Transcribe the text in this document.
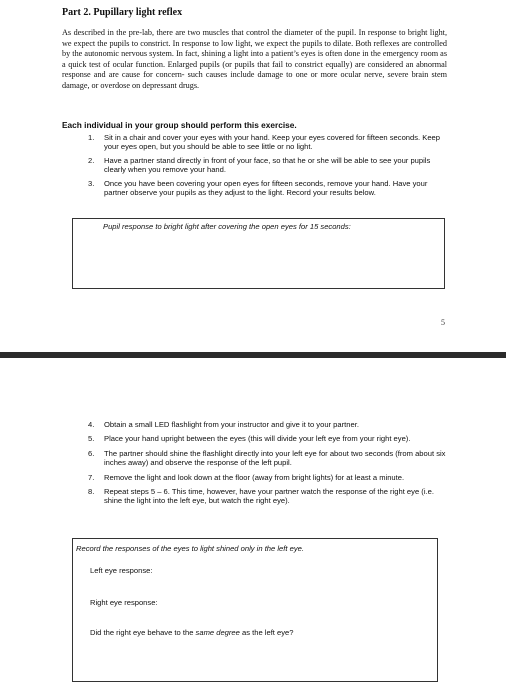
Part 2. Pupillary light reflex
As described in the pre-lab, there are two muscles that control the diameter of the pupil. In response to bright light, we expect the pupils to constrict. In response to low light, we expect the pupils to dilate. Both reflexes are controlled by the autonomic nervous system. In fact, shining a light into a patient’s eyes is often done in the emergency room as a quick test of ocular function. Enlarged pupils (or pupils that fail to constrict equally) are considered an abnormal response and are cause for concern- such causes include damage to one or more ocular nerve, severe brain stem damage, or overdose on depressant drugs.
Each individual in your group should perform this exercise.
1. Sit in a chair and cover your eyes with your hand. Keep your eyes covered for fifteen seconds. Keep your eyes open, but you should be able to see little or no light.
2. Have a partner stand directly in front of your face, so that he or she will be able to see your pupils clearly when you remove your hand.
3. Once you have been covering your open eyes for fifteen seconds, remove your hand. Have your partner observe your pupils as they adjust to the light. Record your results below.
Pupil response to bright light after covering the open eyes for 15 seconds:
5
4. Obtain a small LED flashlight from your instructor and give it to your partner.
5. Place your hand upright between the eyes (this will divide your left eye from your right eye).
6. The partner should shine the flashlight directly into your left eye for about two seconds (from about six inches away) and observe the response of the left pupil.
7. Remove the light and look down at the floor (away from bright lights) for at least a minute.
8. Repeat steps 5 – 6. This time, however, have your partner watch the response of the right eye (i.e. shine the light into the left eye, but watch the right eye).
Record the responses of the eyes to light shined only in the left eye.
Left eye response:
Right eye response:
Did the right eye behave to the same degree as the left eye?
